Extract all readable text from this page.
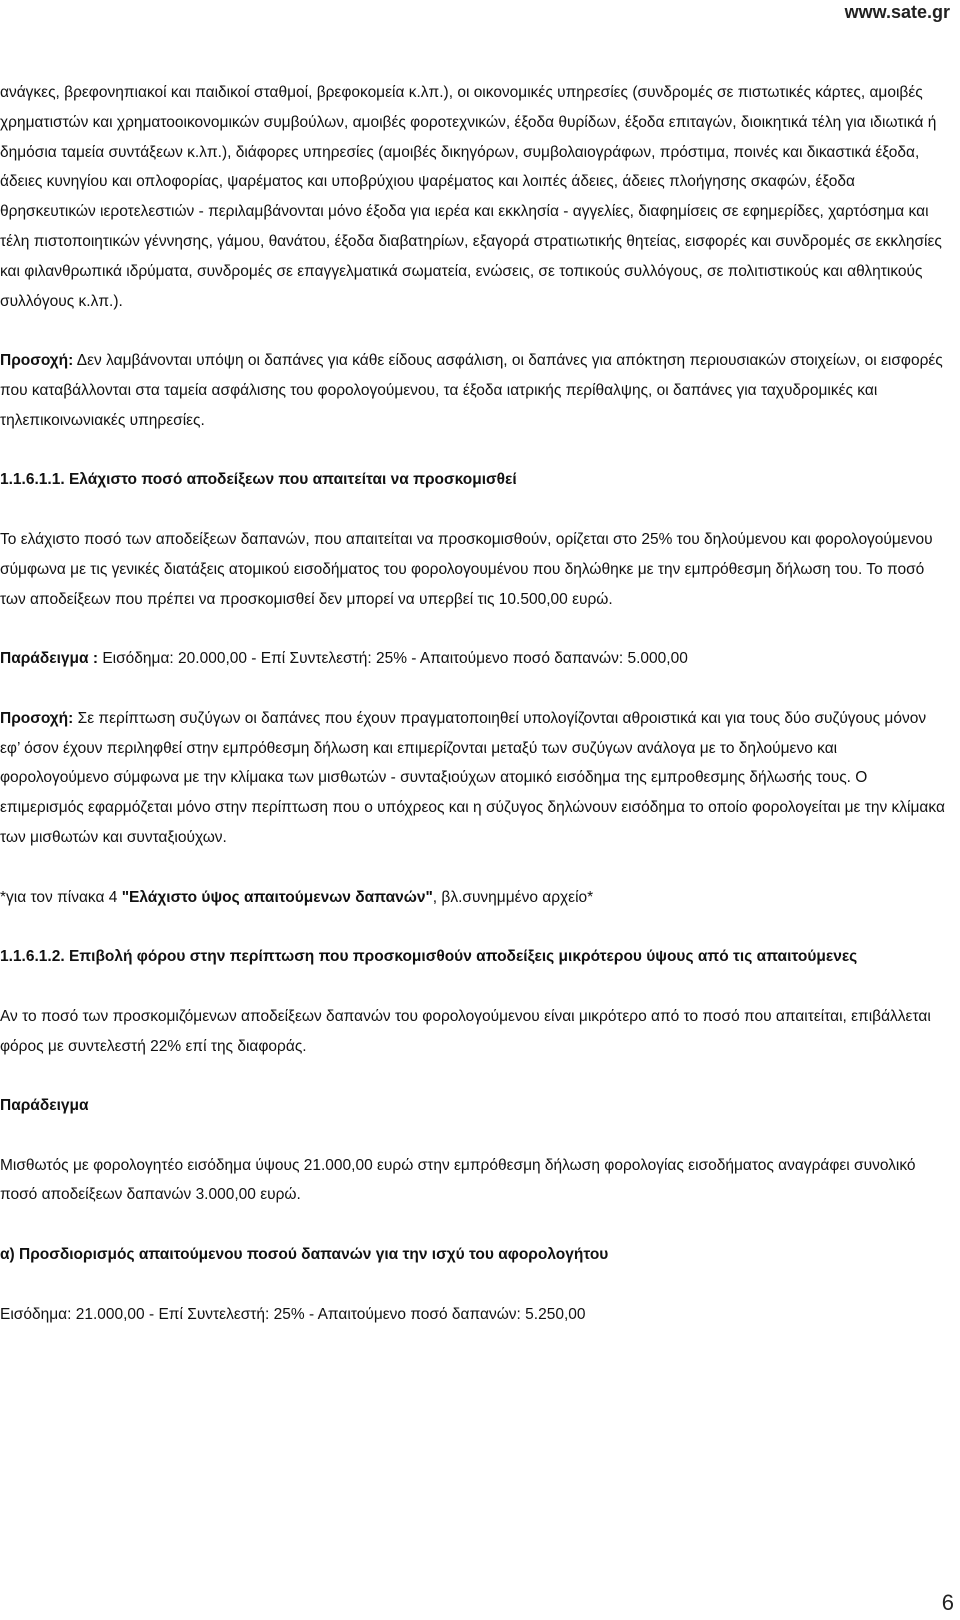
www.sate.gr

ανάγκες, βρεφονηπιακοί και παιδικοί σταθμοί, βρεφοκομεία κ.λπ.), οι οικονομικές υπηρεσίες (συνδρομές σε πιστωτικές κάρτες, αμοιβές χρηματιστών και χρηματοοικονομικών συμβούλων, αμοιβές φοροτεχνικών, έξοδα θυρίδων, έξοδα επιταγών, διοικητικά τέλη για ιδιωτικά ή δημόσια ταμεία συντάξεων κ.λπ.), διάφορες υπηρεσίες (αμοιβές δικηγόρων, συμβολαιογράφων, πρόστιμα, ποινές και δικαστικά έξοδα, άδειες κυνηγίου και οπλοφορίας, ψαρέματος και υποβρύχιου ψαρέματος και λοιπές άδειες, άδειες πλοήγησης σκαφών, έξοδα θρησκευτικών ιεροτελεστιών - περιλαμβάνονται μόνο έξοδα για ιερέα και εκκλησία - αγγελίες, διαφημίσεις σε εφημερίδες, χαρτόσημα και τέλη πιστοποιητικών γέννησης, γάμου, θανάτου, έξοδα διαβατηρίων, εξαγορά στρατιωτικής θητείας, εισφορές και συνδρομές σε εκκλησίες και φιλανθρωπικά ιδρύματα, συνδρομές σε επαγγελματικά σωματεία, ενώσεις, σε τοπικούς συλλόγους, σε πολιτιστικούς και αθλητικούς συλλόγους κ.λπ.).

Προσοχή: Δεν λαμβάνονται υπόψη οι δαπάνες για κάθε είδους ασφάλιση, οι δαπάνες για απόκτηση περιουσιακών στοιχείων, οι εισφορές που καταβάλλονται στα ταμεία ασφάλισης του φορολογούμενου, τα έξοδα ιατρικής περίθαλψης, οι δαπάνες για ταχυδρομικές και τηλεπικοινωνιακές υπηρεσίες.

1.1.6.1.1. Ελάχιστο ποσό αποδείξεων που απαιτείται να προσκομισθεί

Το ελάχιστο ποσό των αποδείξεων δαπανών, που απαιτείται να προσκομισθούν, ορίζεται στο 25% του δηλούμενου και φορολογούμενου σύμφωνα με τις γενικές διατάξεις ατομικού εισοδήματος του φορολογουμένου που δηλώθηκε με την εμπρόθεσμη δήλωση του. Το ποσό των αποδείξεων που πρέπει να προσκομισθεί δεν μπορεί να υπερβεί τις 10.500,00 ευρώ.

Παράδειγμα : Εισόδημα: 20.000,00 - Επί Συντελεστή: 25% - Απαιτούμενο ποσό δαπανών: 5.000,00

Προσοχή: Σε περίπτωση συζύγων οι δαπάνες που έχουν πραγματοποιηθεί υπολογίζονται αθροιστικά και για τους δύο συζύγους μόνον εφ’ όσον έχουν περιληφθεί στην εμπρόθεσμη δήλωση και επιμερίζονται μεταξύ των συζύγων ανάλογα με το δηλούμενο και φορολογούμενο σύμφωνα με την κλίμακα των μισθωτών - συνταξιούχων ατομικό εισόδημα της εμπροθεσμης δήλωσής τους. Ο επιμερισμός εφαρμόζεται μόνο στην περίπτωση που ο υπόχρεος και η σύζυγος δηλώνουν εισόδημα το οποίο φορολογείται με την κλίμακα των μισθωτών και συνταξιούχων.

*για τον πίνακα 4 "Ελάχιστο ύψος απαιτούμενων δαπανών", βλ.συνημμένο αρχείο*

1.1.6.1.2. Επιβολή φόρου στην περίπτωση που προσκομισθούν αποδείξεις μικρότερου ύψους από τις απαιτούμενες

Αν το ποσό των προσκομιζόμενων αποδείξεων δαπανών του φορολογούμενου είναι μικρότερο από το ποσό που απαιτείται, επιβάλλεται φόρος με συντελεστή 22% επί της διαφοράς.

Παράδειγμα

Μισθωτός με φορολογητέο εισόδημα ύψους 21.000,00 ευρώ στην εμπρόθεσμη δήλωση φορολογίας εισοδήματος αναγράφει συνολικό ποσό αποδείξεων δαπανών 3.000,00 ευρώ.

α) Προσδιορισμός απαιτούμενου ποσού δαπανών για την ισχύ του αφορολογήτου

Εισόδημα: 21.000,00 - Επί Συντελεστή: 25% - Απαιτούμενο ποσό δαπανών: 5.250,00

6
